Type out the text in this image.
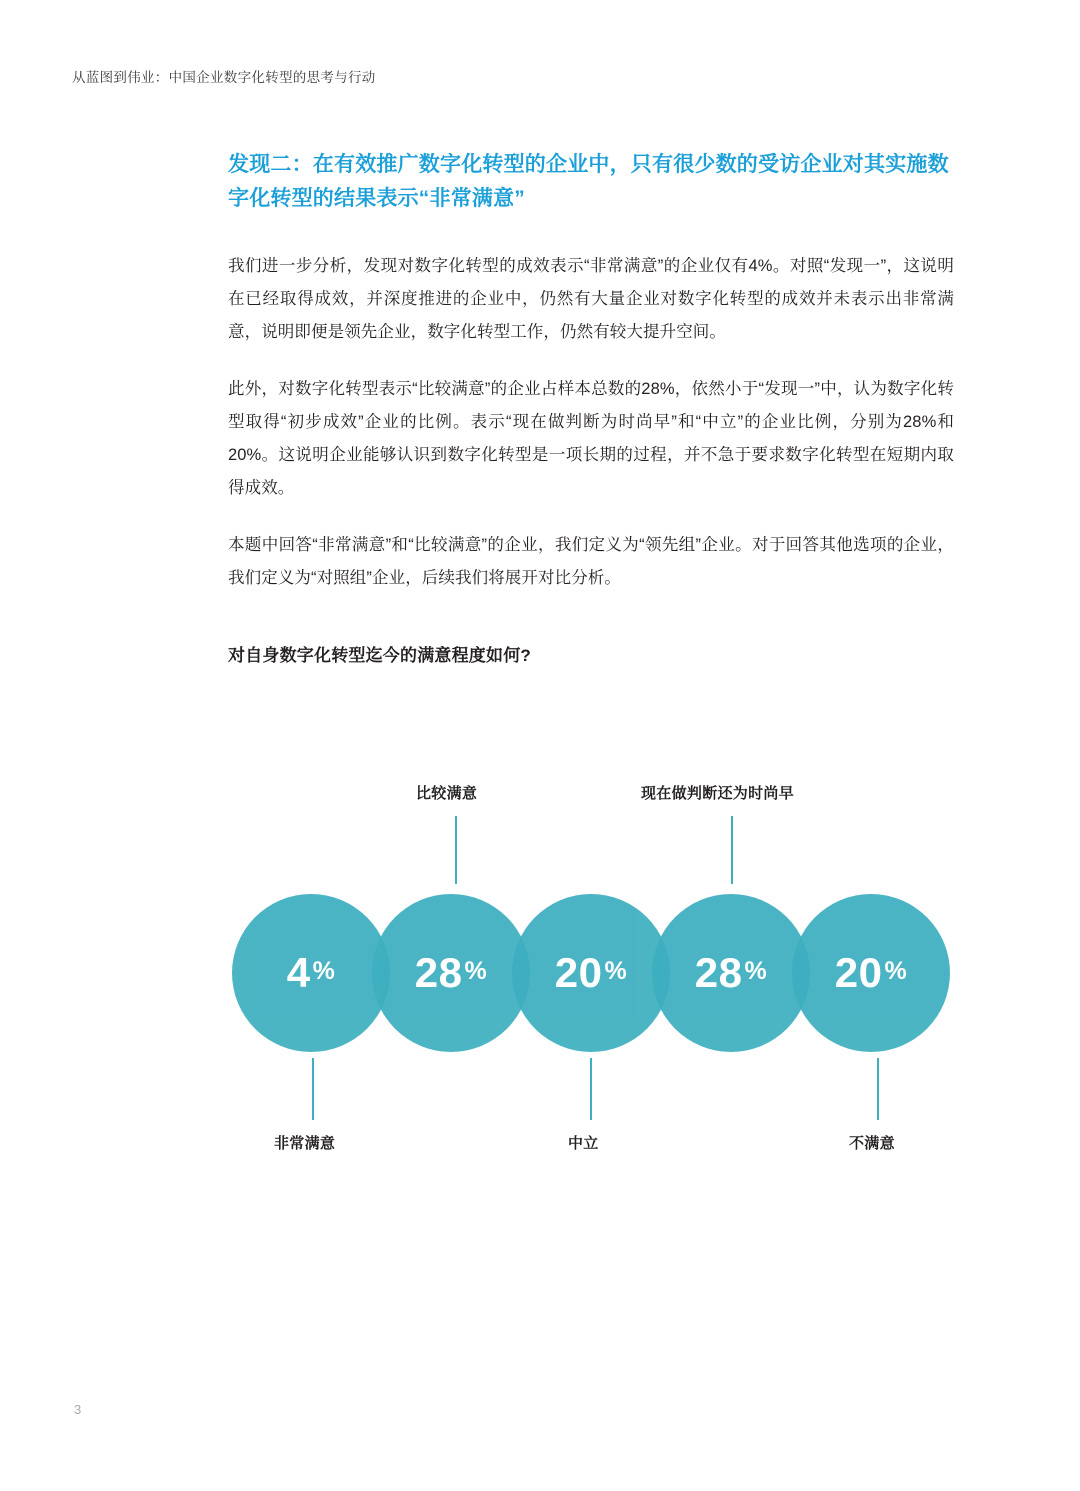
从蓝图到伟业：中国企业数字化转型的思考与行动
发现二：在有效推广数字化转型的企业中，只有很少数的受访企业对其实施数字化转型的结果表示“非常满意”

我们进一步分析，发现对数字化转型的成效表示“非常满意”的企业仅有4%。对照“发现一”，这说明在已经取得成效，并深度推进的企业中，仍然有大量企业对数字化转型的成效并未表示出非常满意，说明即便是领先企业，数字化转型工作，仍然有较大提升空间。

此外，对数字化转型表示“比较满意”的企业占样本总数的28%，依然小于“发现一”中，认为数字化转型取得“初步成效”企业的比例。表示“现在做判断为时尚早”和“中立”的企业比例，分别为28%和20%。这说明企业能够认识到数字化转型是一项长期的过程，并不急于要求数字化转型在短期内取得成效。

本题中回答“非常满意”和“比较满意”的企业，我们定义为“领先组”企业。对于回答其他选项的企业，我们定义为“对照组”企业，后续我们将展开对比分析。

对自身数字化转型迄今的满意程度如何?
比较满意	现在做判断还为时尚早
4 % 28 % 20 % 28 % 20 %
非常满意	中立	不满意
3
